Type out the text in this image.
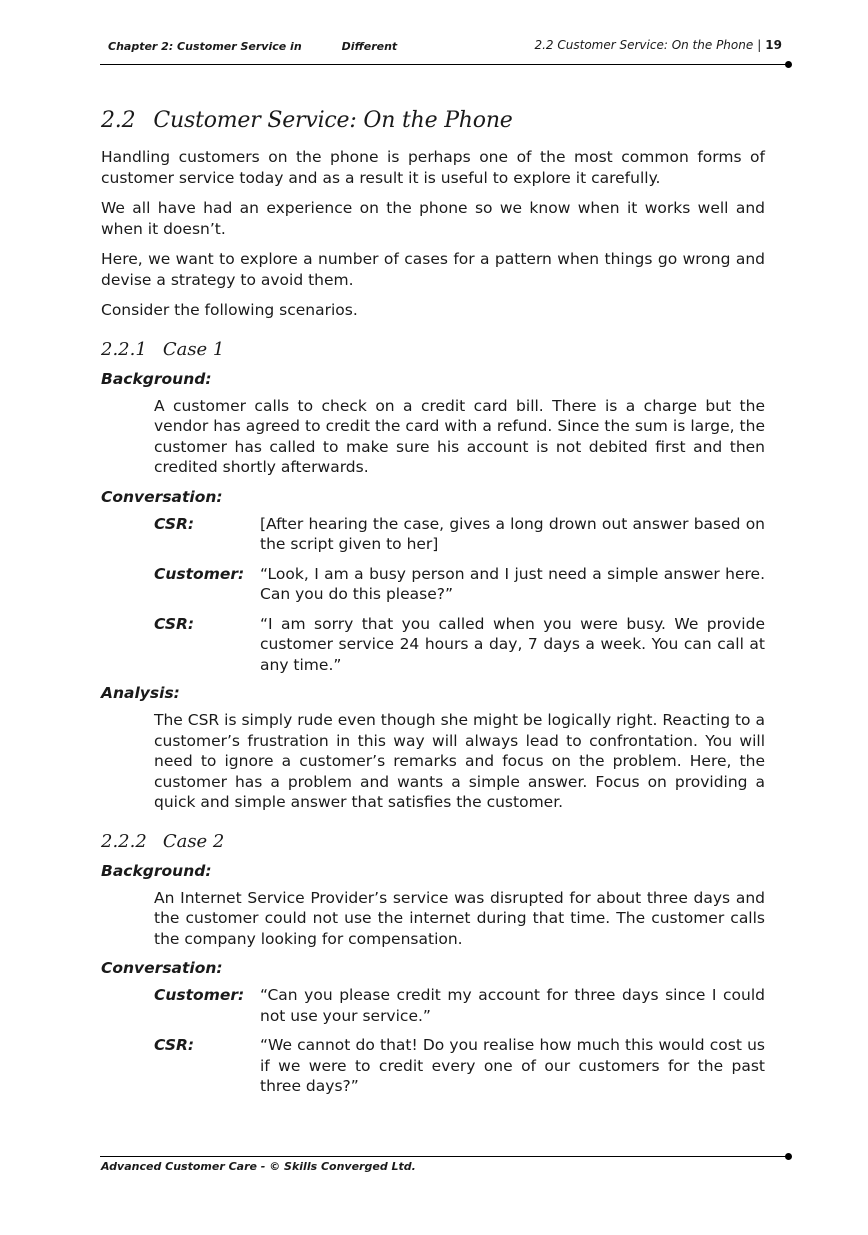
Chapter 2: Customer Service in	Different	2.2 Customer Service: On the Phone | 19
2.2 Customer Service: On the Phone

Handling customers on the phone is perhaps one of the most common forms of customer service today and as a result it is useful to explore it carefully.

We all have had an experience on the phone so we know when it works well and when it doesn’t.

Here, we want to explore a number of cases for a pattern when things go wrong and devise a strategy to avoid them.

Consider the following scenarios.

2.2.1 Case 1
Background:

A customer calls to check on a credit card bill. There is a charge but the vendor has agreed to credit the card with a refund. Since the sum is large, the customer has called to make sure his account is not debited first and then credited shortly afterwards.

Conversation:
CSR:	[After hearing the case, gives a long drown out answer based on the script given to her]
Customer:	“Look, I am a busy person and I just need a simple answer here. Can you do this please?”
CSR:	“I am sorry that you called when you were busy. We provide customer service 24 hours a day, 7 days a week. You can call at any time.”
Analysis:

The CSR is simply rude even though she might be logically right. Reacting to a customer’s frustration in this way will always lead to confrontation. You will need to ignore a customer’s remarks and focus on the problem. Here, the customer has a problem and wants a simple answer. Focus on providing a quick and simple answer that satisfies the customer.

2.2.2 Case 2
Background:

An Internet Service Provider’s service was disrupted for about three days and the customer could not use the internet during that time. The customer calls the company looking for compensation.

Conversation:
Customer:	“Can you please credit my account for three days since I could not use your service.”
CSR:	“We cannot do that! Do you realise how much this would cost us if we were to credit every one of our customers for the past three days?”
Advanced Customer Care - © Skills Converged Ltd.
